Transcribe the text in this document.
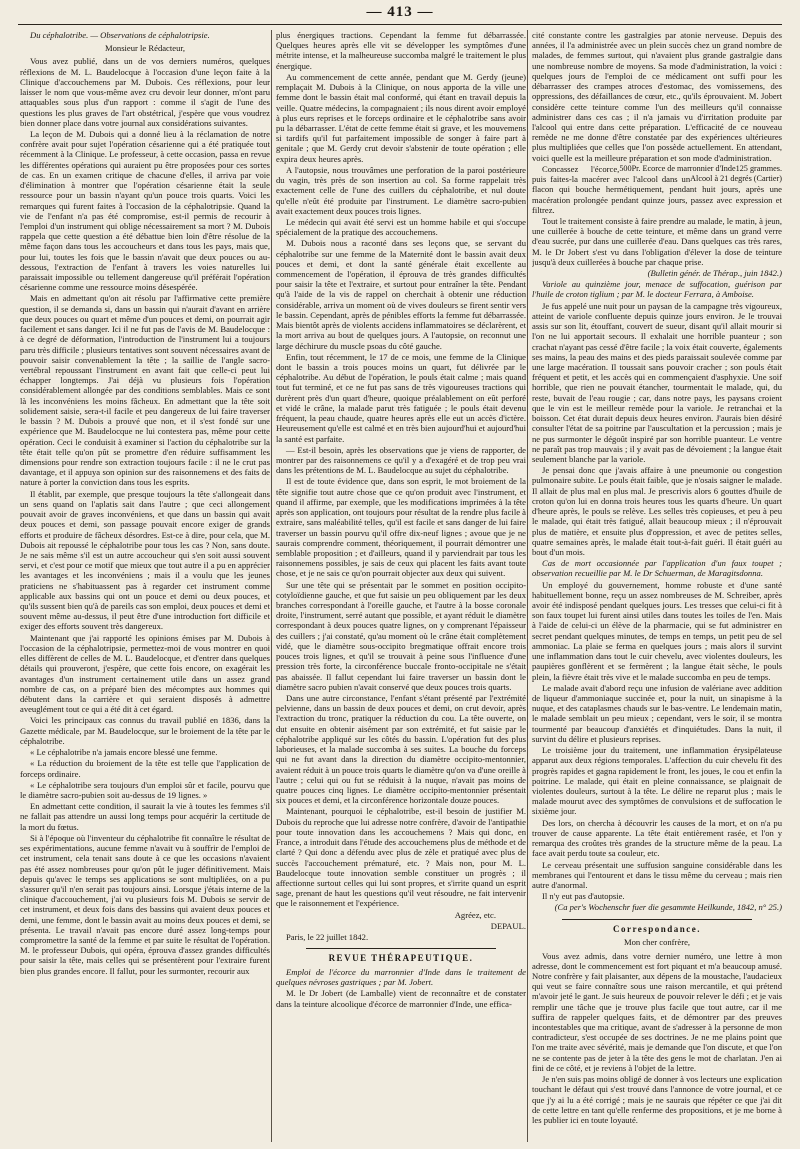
— 413 —

Du céphalotribe. — Observations de céphalotripsie.

Monsieur le Rédacteur,

Vous avez publié, dans un de vos derniers numéros, quelques réflexions de M. L. Baudelocque à l'occasion d'une leçon faite à la Clinique d'accouchemens par M. Dubois. Ces réflexions, pour leur laisser le nom que vous-même avez cru devoir leur donner, m'ont paru attaquables sous plus d'un rapport : comme il s'agit de l'une des questions les plus graves de l'art obstétrical, j'espère que vous voudrez bien donner place dans votre journal aux considérations suivantes.

La leçon de M. Dubois qui a donné lieu à la réclamation de notre confrère avait pour sujet l'opération césarienne qui a été pratiquée tout récemment à la Clinique. Le professeur, à cette occasion, passa en revue les différentes opérations qui auraient pu être proposées pour ces sortes de cas. En un examen critique de chacune d'elles, il arriva par voie d'élimination à montrer que l'opération césarienne était la seule ressource pour un bassin n'ayant qu'un pouce trois quarts. Voici les remarques qui furent faites à l'occasion de la céphalotripsie. Quand la vie de l'enfant n'a pas été compromise, est-il permis de recourir à l'emploi d'un instrument qui oblige nécessairement sa mort ? M. Dubois rappela que cette question a été débattue bien loin d'être résolue de la même façon dans tous les accoucheurs et dans tous les pays, mais que, pour lui, toutes les fois que le bassin n'avait que deux pouces ou au-dessous, l'extraction de l'enfant à travers les voies naturelles lui paraissait impossible ou tellement dangereuse qu'il préférait l'opération césarienne comme une ressource moins désespérée.

Mais en admettant qu'on ait résolu par l'affirmative cette première question, il se demanda si, dans un bassin qui n'aurait d'avant en arrière que deux pouces ou quart et même d'un pouces et demi, on pourrait agir facilement et sans danger. Ici il ne fut pas de l'avis de M. Baudelocque : à ce degré de déformation, l'introduction de l'instrument lui a toujours paru très difficile ; plusieurs tentatives sont souvent nécessaires avant de pouvoir saisir convenablement la tête ; la saillie de l'angle sacro-vertébral repoussant l'instrument en avant fait que celle-ci peut lui échapper longtemps. J'ai déjà vu plusieurs fois l'opération considérablement allongée par des conditions semblables. Mais ce sont là les inconvéniens les moins fâcheux. En admettant que la tête soit solidement saisie, sera-t-il facile et peu dangereux de lui faire traverser le bassin ? M. Dubois a prouvé que non, et il s'est fondé sur une expérience que M. Baudelocque ne lui contestera pas, même pour cette opération. Ceci le conduisit à examiner si l'action du céphalotribe sur la tête était telle qu'on pût se promettre d'en réduire suffisamment les dimensions pour rendre son extraction toujours facile : il ne le crut pas davantage, et il appuya son opinion sur des raisonnemens et des faits de nature à porter la conviction dans tous les esprits.

Il établit, par exemple, que presque toujours la tête s'allongeait dans un sens quand on l'aplatis sait dans l'autre ; que ceci allongement pouvait avoir de graves inconvéniens, et que dans un bassin qui avait deux pouces et demi, son passage pouvait encore exiger de grands efforts et produire de fâcheux désordres. Est-ce à dire, pour cela, que M. Dubois ait repoussé le céphalotribe pour tous les cas ? Non, sans doute. Je ne sais même s'il est un autre accoucheur qui s'en soit aussi souvent servi, et c'est pour ce motif que mieux que tout autre il a pu en apprécier les avantages et les inconvéniens ; mais il a voulu que les jeunes praticiens ne s'habituassent pas à regarder cet instrument comme applicable aux bassins qui ont un pouce et demi ou deux pouces, et qu'ils sussent bien qu'à de pareils cas son emploi, deux pouces et demi et souvent même au-dessus, il peut être d'une introduction fort difficile et exiger des efforts souvent très dangereux.

Maintenant que j'ai rapporté les opinions émises par M. Dubois à l'occasion de la céphalotripsie, permettez-moi de vous montrer en quoi elles diffèrent de celles de M. L. Baudelocque, et d'entrer dans quelques détails qui prouveront, j'espère, que cette fois encore, on exagérait les avantages d'un instrument certainement utile dans un assez grand nombre de cas, on a préparé bien des mécomptes aux hommes qui débutent dans la carrière et qui seraient disposés à admettre aveuglément tout ce qui a été dit à cet égard.

Voici les principaux cas connus du travail publié en 1836, dans la Gazette médicale, par M. Baudelocque, sur le broiement de la tête par le céphalotribe.

« Le céphalotribe n'a jamais encore blessé une femme.

« La réduction du broiement de la tête est telle que l'application de forceps ordinaire.

« Le céphalotribe sera toujours d'un emploi sûr et facile, pourvu que le diamètre sacro-pubien soit au-dessus de 19 lignes. »

En admettant cette condition, il saurait la vie à toutes les femmes s'il ne fallait pas attendre un aussi long temps pour acquérir la certitude de la mort du fœtus.

Si à l'époque où l'inventeur du céphalotribe fit connaître le résultat de ses expérimentations, aucune femme n'avait vu à souffrir de l'emploi de cet instrument, cela tenait sans doute à ce que les occasions n'avaient pas été assez nombreuses pour qu'on pût le juger définitivement. Mais depuis qu'avec le temps ses applications se sont multipliées, on a pu s'assurer qu'il n'en serait pas toujours ainsi. Lorsque j'étais interne de la clinique d'accouchement, j'ai vu plusieurs fois M. Dubois se servir de cet instrument, et deux fois dans des bassins qui avaient deux pouces et demi, une femme, dont le bassin avait au moins deux pouces et demi, se présenta. Le travail n'avait pas encore duré assez long-temps pour compromettre la santé de la femme et par suite le résultat de l'opération. M. le professeur Dubois, qui opéra, éprouva d'assez grandes difficultés pour saisir la tête, mais celles qui se présentèrent pour l'extraire furent bien plus grandes encore. Il fallut, pour les surmonter, recourir aux

plus énergiques tractions. Cependant la femme fut débarrassée. Quelques heures après elle vit se développer les symptômes d'une métrite intense, et la malheureuse succomba malgré le traitement le plus énergique.

Au commencement de cette année, pendant que M. Gerdy (jeune) remplaçait M. Dubois à la Clinique, on nous apporta de la ville une femme dont le bassin était mal conformé, qui étant en travail depuis la veille. Quatre médecins, la compagnaient ; ils nous dirent avoir employé à plus eurs reprises et le forceps ordinaire et le céphalotribe sans avoir pu la débarrasser. L'état de cette femme était si grave, et les mouvemens si tardifs qu'il fut parfaitement impossible de songer à faire part à genitale ; que M. Gerdy crut devoir s'abstenir de toute opération ; elle expira deux heures après.

A l'autopsie, nous trouvâmes une perforation de la paroi postérieure du vagin, très près de son insertion au col. Sa forme rappelait très exactement celle de l'une des cuillers du céphalotribe, et nul doute qu'elle n'eût été produite par l'instrument. Le diamètre sacro-pubien avait exactement deux pouces trois lignes.

Le médecin qui avait été servi est un homme habile et qui s'occupe spécialement de la pratique des accouchemens.

M. Dubois nous a raconté dans ses leçons que, se servant du céphalotribe sur une femme de la Maternité dont le bassin avait deux pouces et demi, et dont la santé générale était excellente au commencement de l'opération, il éprouva de très grandes difficultés pour saisir la tête et l'extraire, et surtout pour entraîner la tête. Pendant qu'à l'aide de la vis de rappel on cherchait à obtenir une réduction considérable, arriva un moment où de vives douleurs se firent sentir vers le bassin. Cependant, après de pénibles efforts la femme fut débarrassée. Mais bientôt après de violents accidens inflammatoires se déclarèrent, et la mort arriva au bout de quelques jours. A l'autopsie, on reconnut une large déchirure du muscle psoas du côté gauche.

Enfin, tout récemment, le 17 de ce mois, une femme de la Clinique dont le bassin a trois pouces moins un quart, fut délivrée par le céphalotribe. Au début de l'opération, le pouls était calme ; mais quand tout fut terminé, et ce ne fut pas sans de très vigoureuses tractions qui durèrent près d'un quart d'heure, quoique préalablement on eût perforé et vidé le crâne, la malade parut très fatiguée ; le pouls était devenu fréquent, la peau chaude, quatre heures après elle eut un accès d'ictère. Heureusement qu'elle est calmé et en très bien aujourd'hui et aujourd'hui la santé est parfaite.

— Est-il besoin, après les observations que je viens de rapporter, de montrer par des raisonnemens ce qu'il y a d'exagéré et de trop peu vrai dans les prétentions de M. L. Baudelocque au sujet du céphalotribe.

Il est de toute évidence que, dans son esprit, le mot broiement de la tête signifie tout autre chose que ce qu'on produit avec l'instrument, et quand il affirme, par exemple, que les modifications imprimées à la tête après son application, ont toujours pour résultat de la rendre plus facile à extraire, sans maléabilité telles, qu'il est facile et sans danger de lui faire traverser un bassin pourvu qu'il offre dix-neuf lignes ; avoue que je ne saurais comprendre comment, théoriquement, il pourrait démontrer une semblable proposition ; et d'ailleurs, quand il y parviendrait par tous les raisonnemens possibles, je sais de ceux qui placent les faits avant toute chose, et je ne sais ce qu'on pourrait objecter aux deux qui suivent.

Sur une tête qui se présentait par le sommet en position occipito-cotyloïdienne gauche, et que fut saisie un peu obliquement par les deux branches correspondant à l'oreille gauche, et l'autre à la bosse coronale droite, l'instrument, serré autant que possible, et ayant réduit le diamètre correspondant à deux pouces quatre lignes, on y comprenant l'épaisseur des cuillers ; j'ai constaté, qu'au moment où le crâne était complètement vidé, que le diamètre sous-occipito bregmatique offrait encore trois pouces trois lignes, et qu'il se trouvait à peine sous l'influence d'une pression très forte, la circonférence buccale fronto-occipitale ne s'était pas abaissée. Il fallut cependant lui faire traverser un bassin dont le diamètre sacro pubien n'avait conservé que deux pouces trois quarts.

Dans une autre circonstance, l'enfant s'étant présenté par l'extrémité pelvienne, dans un bassin de deux pouces et demi, on crut devoir, après l'extraction du tronc, pratiquer la réduction du cou. La tête ouverte, on dut ensuite en obtenir aisément par son extrémité, et fut saisie par le céphalotribe appliqué sur les côtés du bassin. L'opération fut des plus laborieuses, et la malade succomba à ses suites. La bouche du forceps qui ne fut avant dans la direction du diamètre occipito-mentonnier, avaient réduit à un pouce trois quarts le diamètre qu'on va d'une oreille à l'autre ; celui qui ou fut se réduisit à la nuque, n'avait pas moins de quatre pouces cinq lignes. Le diamètre occipito-mentonnier présentait six pouces et demi, et la circonférence horizontale douze pouces.

Maintenant, pourquoi le céphalotribe, est-il besoin de justifier M. Dubois du reproche que lui adresse notre confrère, d'avoir de l'antipathie pour toute innovation dans les accouchemens ? Mais qui donc, en France, a introduit dans l'étude des accouchemens plus de méthode et de clarté ? Qui donc a défendu avec plus de zèle et pratiqué avec plus de succès l'accouchement prématuré, etc. ? Mais non, pour M. L. Baudelocque toute innovation semble constituer un progrès ; il affectionne surtout celles qui lui sont propres, et s'irrite quand un esprit sage, prenant de haut les questions qu'il veut résoudre, ne fait intervenir que le raisonnement et l'expérience.

Agréez, etc.

DEPAUL.

Paris, le 22 juillet 1842.

REVUE THÉRAPEUTIQUE.

Emploi de l'écorce du marronnier d'Inde dans le traitement de quelques névroses gastriques ; par M. Jobert.

M. le Dr Jobert (de Lamballe) vient de reconnaître et de constater dans la teinture alcoolique d'écorce de marronnier d'Inde, une effica-

cité constante contre les gastralgies par atonie nerveuse. Depuis des années, il l'a administrée avec un plein succès chez un grand nombre de malades, de femmes surtout, qui n'avaient plus grande gastralgie dans une nombreuse nombre de moyens. Sa mode d'administration, la voici : quelques jours de l'emploi de ce médicament ont suffi pour les débarrasser des crampes atroces d'estomac, des vomissemens, des oppressions, des défaillances de cœur, etc., qu'ils éprouvaient. M. Jobert considère cette teinture comme l'un des meilleurs qu'il connaisse administrer dans ces cas ; il n'a jamais vu d'irritation produite par l'alcool qui entre dans cette préparation. L'efficacité de ce nouveau remède ne me donne d'être constatée par des expériences ultérieures plus multipliées que celles que l'on possède actuellement. En attendant, voici quelle est la meilleure préparation et son mode d'administration.

125 grammes.
Pr. Ecorce de marronnier d'Inde

500
Alcool à 21 degrés (Cartier)

Concassez l'écorce, puis faites-la macérer avec l'alcool dans un flacon qui bouche hermétiquement, pendant huit jours, après une macération prolongée pendant quinze jours, passez avec expression et filtrez.

Tout le traitement consiste à faire prendre au malade, le matin, à jeun, une cuillerée à bouche de cette teinture, et même dans un grand verre d'eau sucrée, pur dans une cuillerée d'eau. Dans quelques cas très rares, M. le Dr Jobert s'est vu dans l'obligation d'élever la dose de teinture jusqu'à deux cuillerées à bouche par chaque prise.

(Bulletin génér. de Thérap., juin 1842.)

Variole au quinzième jour, menace de suffocation, guérison par l'huile de croton tiglium ; par M. le docteur Ferrara, à Amboise.

Je fus appelé une nuit pour un paysan de la campagne très vigoureux, atteint de variole confluente depuis quinze jours environ. Je le trouvai assis sur son lit, étouffant, couvert de sueur, disant qu'il allait mourir si l'on ne lui apportait secours. Il exhalait une horrible puanteur ; son crachat n'ayant pas cessé d'être facile ; la voix était couverte, égalements ses mains, la peau des mains et des pieds paraissait soulevée comme par une large macération. Il toussait sans pouvoir cracher ; son pouls était fréquent et petit, et les accès qui en commençaient d'asphyxie. Une soif horrible, que rien ne pouvait étancher, tourmentait le malade, qui, du reste, buvait de l'eau rougie ; car, dans notre pays, les paysans croient que le vin est le meilleur remède pour la variole. Je retranchai et la boisson. Cet état durait depuis deux heures environ. J'aurais bien désiré consulter l'état de sa poitrine par l'auscultation et la percussion ; mais je ne pus surmonter le dégoût inspiré par son horrible puanteur. Le ventre ne paraît pas trop mauvais ; il y avait pas de dévoiement ; la langue était seulement blanche par la variole.

Je pensai donc que j'avais affaire à une pneumonie ou congestion pulmonaire subite. Le pouls était faible, que je n'osais saigner le malade. Il allait de plus mal en plus mal. Je prescrivis alors 6 gouttes d'huile de croton qu'on lui en donna trois heures tous les quarts d'heure. Un quart d'heure après, le pouls se relève. Les selles très copieuses, et peu à peu le malade, qui était très fatigué, allait beaucoup mieux ; il n'éprouvait plus de matière, et ensuite plus d'oppression, et avec de petites selles, quatre semaines après, le malade était tout-à-fait guéri. Il était guéri au bout d'un mois.

Cas de mort occasionnée par l'application d'un faux toupet ; observation recueillie par M. le Dr Schuerman, de Maragitsdonna.

Un employé du gouvernement, homme robuste et d'une santé habituellement bonne, reçu un assez nombreuses de M. Schreiber, après avoir été indisposé pendant quelques jours. Les tresses que celui-ci fit à son faux toupet lui furent ainsi utiles dans toutes les toiles de l'en. Mais à l'aide de celui-ci un élève de la pharmacie, qui se fut administrer en secret pendant quelques minutes, de temps en temps, un petit peu de sel ammoniac. La plaie se ferma en quelques jours ; mais alors il survint une inflammation dans tout le cuir chevelu, avec violentes douleurs, les paupières gonflèrent et se fermèrent ; la langue était sèche, le pouls plein, la fièvre était très vive et le malade succomba en peu de temps.

Le malade avait d'abord reçu une infusion de valériane avec addition de liqueur d'ammoniaque succinée et, pour la nuit, un sinapisme à la nuque, et des cataplasmes chauds sur le bas-ventre. Le lendemain matin, le malade semblait un peu mieux ; cependant, vers le soir, il se montra tourmenté par beaucoup d'anxiétés et d'inquiétudes. Dans la nuit, il survint du délire et plusieurs reprises.

Le troisième jour du traitement, une inflammation érysipélateuse apparut aux deux régions temporales. L'affection du cuir chevelu fit des progrès rapides et gagna rapidement le front, les joues, le cou et enfin la poitrine. Le malade, qui était en pleine connaissance, se plaignait de violentes douleurs, surtout à la tête. Le délire ne reparut plus ; mais le malade mourut avec des symptômes de convulsions et de suffocation le sixième jour.

Des lors, on chercha à découvrir les causes de la mort, et on n'a pu trouver de cause apparente. La tête était entièrement rasée, et l'on y remarqua des croûtes très grandes de la structure même de la peau. La face avait perdu toute sa couleur, etc.

Le cerveau présentait une suffusion sanguine considérable dans les membranes qui l'entourent et dans le tissu même du cerveau ; mais rien autre d'anormal.

Il n'y eut pas d'autopsie.

(Ca per's Wochenschr fuer die gesammte Heilkunde, 1842, n° 25.)

Correspondance.

Mon cher confrère,

Vous avez admis, dans votre dernier numéro, une lettre à mon adresse, dont le commencement est fort piquant et m'a beaucoup amusé. Notre confrère y fait plaisanter, aux dépens de la moustache, l'audacieux qui veut se faire connaître sous une raison mercantile, et qui prétend m'avoir jeté le gant. Je suis heureux de pouvoir relever le défi ; et je vais remplir une tâche que je trouve plus facile que tout autre, car il me suffira de rappeler quelques faits, et de démontrer par des preuves incontestables que ma critique, avant de s'adresser à la personne de mon contradicteur, s'est occupée de ses doctrines. Je ne me plains point que l'on me traite avec sévérité, mais je demande que l'on discute, et que l'on ne se contente pas de jeter à la tête des gens le mot de charlatan. J'en ai fini de ce côté, et je reviens à l'objet de la lettre.

Je n'en suis pas moins obligé de donner à vos lecteurs une explication touchant le défaut qui s'est trouvé dans l'annonce de votre journal, et ce que j'y ai lu a été corrigé ; mais je ne saurais que répéter ce que j'ai dit de cette lettre en tant qu'elle renferme des propositions, et je me borne à les publier ici en toute loyauté.
